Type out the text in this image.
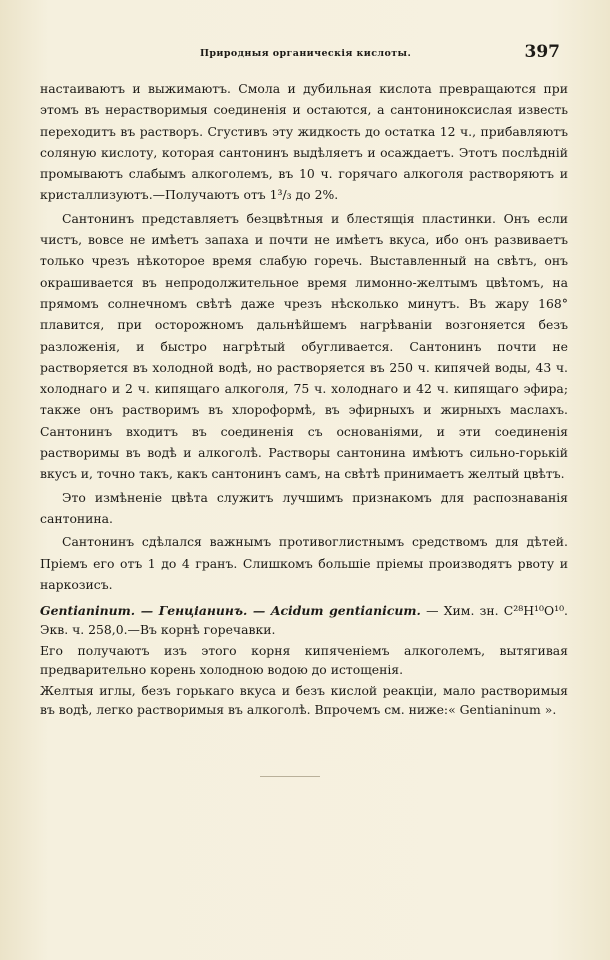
Природныя органическія кислоты.	397

настаиваютъ и выжимаютъ. Смола и дубильная кислота превращаются при этомъ въ нерастворимыя соединенія и остаются, а сантониноксислая известь переходитъ въ растворъ. Сгустивъ эту жидкость до остатка 12 ч., прибавляютъ соляную кислоту, которая сантонинъ выдѣляетъ и осаждаетъ. Этотъ послѣдній промываютъ слабымъ алкоголемъ, въ 10 ч. горячаго алкоголя растворяютъ и кристаллизуютъ.—Получаютъ отъ 1³/₃ до 2%.

Сантонинъ представляетъ безцвѣтныя и блестящія пластинки. Онъ если чистъ, вовсе не имѣетъ запаха и почти не имѣетъ вкуса, ибо онъ развиваетъ только чрезъ нѣкоторое время слабую горечь. Выставленный на свѣтъ, онъ окрашивается въ непродолжительное время лимонно-желтымъ цвѣтомъ, на прямомъ солнечномъ свѣтѣ даже чрезъ нѣсколько минутъ. Въ жару 168° плавится, при осторожномъ дальнѣйшемъ нагрѣваніи возгоняется безъ разложенія, и быстро нагрѣтый обугливается. Сантонинъ почти не растворяется въ холодной водѣ, но растворяется въ 250 ч. кипячей воды, 43 ч. холоднаго и 2 ч. кипящаго алкоголя, 75 ч. холоднаго и 42 ч. кипящаго эфира; также онъ растворимъ въ хлороформѣ, въ эфирныхъ и жирныхъ маслахъ. Сантонинъ входитъ въ соединенія съ основаніями, и эти соединенія растворимы въ водѣ и алкоголѣ. Растворы сантонина имѣютъ сильно-горькій вкусъ и, точно такъ, какъ сантонинъ самъ, на свѣтѣ принимаетъ желтый цвѣтъ.

Это измѣненіе цвѣта служитъ лучшимъ признакомъ для распознаванія сантонина.

Сантонинъ сдѣлался важнымъ противоглистнымъ средствомъ для дѣтей. Пріемъ его отъ 1 до 4 гранъ. Слишкомъ большіе пріемы производятъ рвоту и наркозисъ.

Gentianinum. — Генціанинъ. — Acidum gentianicum. — Хим. зн. C²⁸H¹⁰O¹⁰. Экв. ч. 258,0.—Въ корнѣ горечавки.

Его получаютъ изъ этого корня кипяченіемъ алкоголемъ, вытягивая предварительно корень холодною водою до истощенія.

Желтыя иглы, безъ горькаго вкуса и безъ кислой реакціи, мало растворимыя въ водѣ, легко растворимыя въ алкоголѣ. Впрочемъ см. ниже:« Gentianinum ».
